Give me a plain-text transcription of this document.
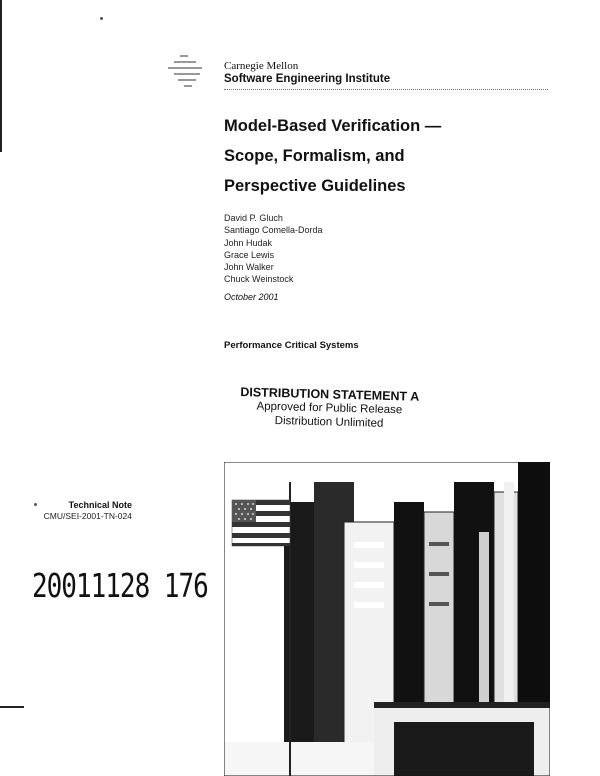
Carnegie Mellon
Software Engineering Institute
Model-Based Verification —
Scope, Formalism, and
Perspective Guidelines
David P. Gluch
Santiago Comella-Dorda
John Hudak
Grace Lewis
John Walker
Chuck Weinstock
October 2001
Performance Critical Systems
DISTRIBUTION STATEMENT A
Approved for Public Release
Distribution Unlimited
Technical Note
CMU/SEI-2001-TN-024
20011128 176
